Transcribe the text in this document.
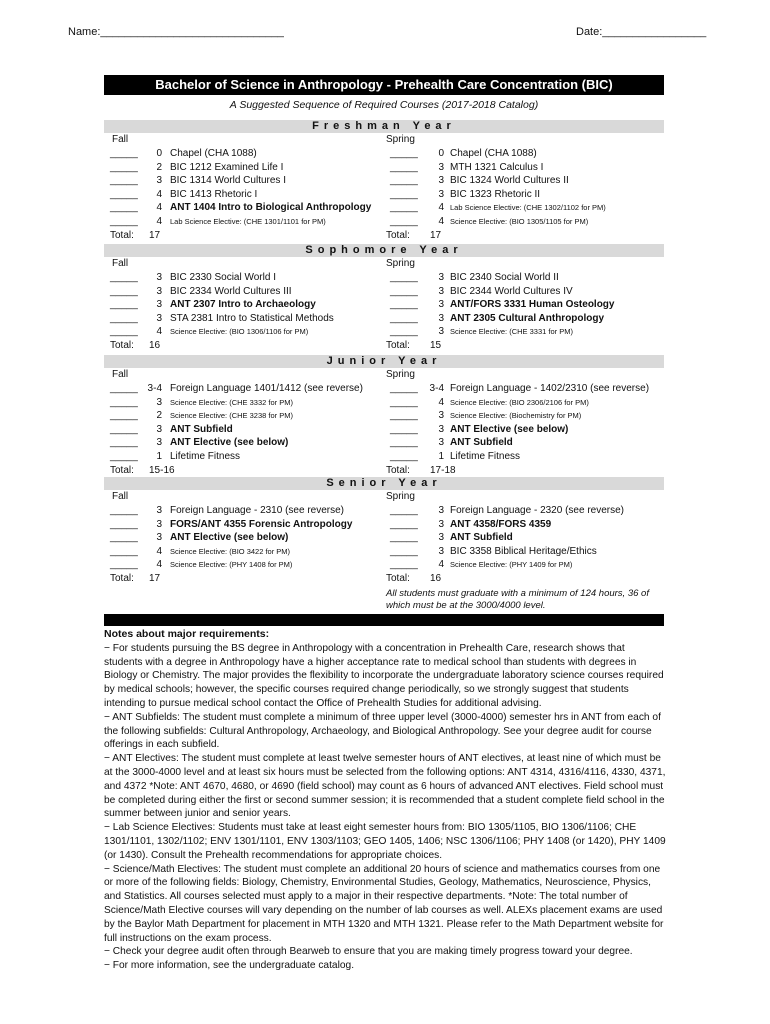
Name:______________________________	Date:_________________
Bachelor of Science in Anthropology - Prehealth Care Concentration (BIC)
A Suggested Sequence of Required Courses (2017-2018 Catalog)
Freshman Year
Fall
_____	0 Chapel (CHA 1088)
_____	2 BIC 1212 Examined Life I
_____	3 BIC 1314 World Cultures I
_____	4 BIC 1413 Rhetoric I
_____	4 ANT 1404 Intro to Biological Anthropology
_____	4 Lab Science Elective: (CHE 1301/1101 for PM)
Total: 17
Spring
_____	0 Chapel (CHA 1088)
_____	3 MTH 1321 Calculus I
_____	3 BIC 1324 World Cultures II
_____	3 BIC 1323 Rhetoric II
_____	4 Lab Science Elective: (CHE 1302/1102 for PM)
_____	4 Science Elective: (BIO 1305/1105 for PM)
Total: 17
Sophomore Year
Fall
_____	3 BIC 2330 Social World I
_____	3 BIC 2334 World Cultures III
_____	3 ANT 2307 Intro to Archaeology
_____	3 STA 2381 Intro to Statistical Methods
_____	4 Science Elective: (BIO 1306/1106 for PM)
Total: 16
Spring
_____	3 BIC 2340 Social World II
_____	3 BIC 2344 World Cultures IV
_____	3 ANT/FORS 3331 Human Osteology
_____	3 ANT 2305 Cultural Anthropology
_____	3 Science Elective: (CHE 3331 for PM)
Total: 15
Junior Year
Fall
_____ 3-4 Foreign Language 1401/1412 (see reverse)
_____	3 Science Elective: (CHE 3332 for PM)
_____	2 Science Elective: (CHE 3238 for PM)
_____	3 ANT Subfield
_____	3 ANT Elective (see below)
_____	1 Lifetime Fitness
Total: 15-16
Spring
_____	3-4 Foreign Language - 1402/2310 (see reverse)
_____	4 Science Elective: (BIO 2306/2106 for PM)
_____	3 Science Elective: (Biochemistry for PM)
_____	3 ANT Elective (see below)
_____	3 ANT Subfield
_____	1 Lifetime Fitness
Total: 17-18
Senior Year
Fall
_____	3 Foreign Language - 2310 (see reverse)
_____	3 FORS/ANT 4355 Forensic Antropology
_____	3 ANT Elective (see below)
_____	4 Science Elective: (BIO 3422 for PM)
_____	4 Science Elective: (PHY 1408 for PM)
Total: 17
Spring
_____	3 Foreign Language - 2320 (see reverse)
_____	3 ANT 4358/FORS 4359
_____	3 ANT Subfield
_____	3 BIC 3358 Biblical Heritage/Ethics
_____	4 Science Elective: (PHY 1409 for PM)
Total: 16
All students must graduate with a minimum of 124 hours, 36 of which must be at the 3000/4000 level.
Notes about major requirements:

− For students pursuing the BS degree in Anthropology with a concentration in Prehealth Care, research shows that students with a degree in Anthropology have a higher acceptance rate to medical school than students with degrees in Biology or Chemistry. The major provides the flexibility to incorporate the undergraduate laboratory science courses required by medical schools; however, the specific courses required change periodically, so we strongly suggest that students intending to pursue medical school contact the Office of Prehealth Studies for additional advising.

− ANT Subfields: The student must complete a minimum of three upper level (3000-4000) semester hrs in ANT from each of the following subfields: Cultural Anthropology, Archaeology, and Biological Anthropology. See your degree audit for course offerings in each subfield.

− ANT Electives: The student must complete at least twelve semester hours of ANT electives, at least nine of which must be at the 3000-4000 level and at least six hours must be selected from the following options: ANT 4314, 4316/4116, 4330, 4371, and 4372 *Note: ANT 4670, 4680, or 4690 (field school) may count as 6 hours of advanced ANT electives. Field school must be completed during either the first or second summer session; it is recommended that a student complete field school in the summer between junior and senior years.

− Lab Science Electives: Students must take at least eight semester hours from: BIO 1305/1105, BIO 1306/1106; CHE 1301/1101, 1302/1102; ENV 1301/1101, ENV 1303/1103; GEO 1405, 1406; NSC 1306/1106; PHY 1408 (or 1420), PHY 1409 (or 1430). Consult the Prehealth recommendations for appropriate choices.

− Science/Math Electives: The student must complete an additional 20 hours of science and mathematics courses from one or more of the following fields: Biology, Chemistry, Environmental Studies, Geology, Mathematics, Neuroscience, Physics, and Statistics. All courses selected must apply to a major in their respective departments. *Note: The total number of Science/Math Elective courses will vary depending on the number of lab courses as well. ALEXs placement exams are used by the Baylor Math Department for placement in MTH 1320 and MTH 1321. Please refer to the Math Department website for full instructions on the exam process.

− Check your degree audit often through Bearweb to ensure that you are making timely progress toward your degree.

− For more information, see the undergraduate catalog.
